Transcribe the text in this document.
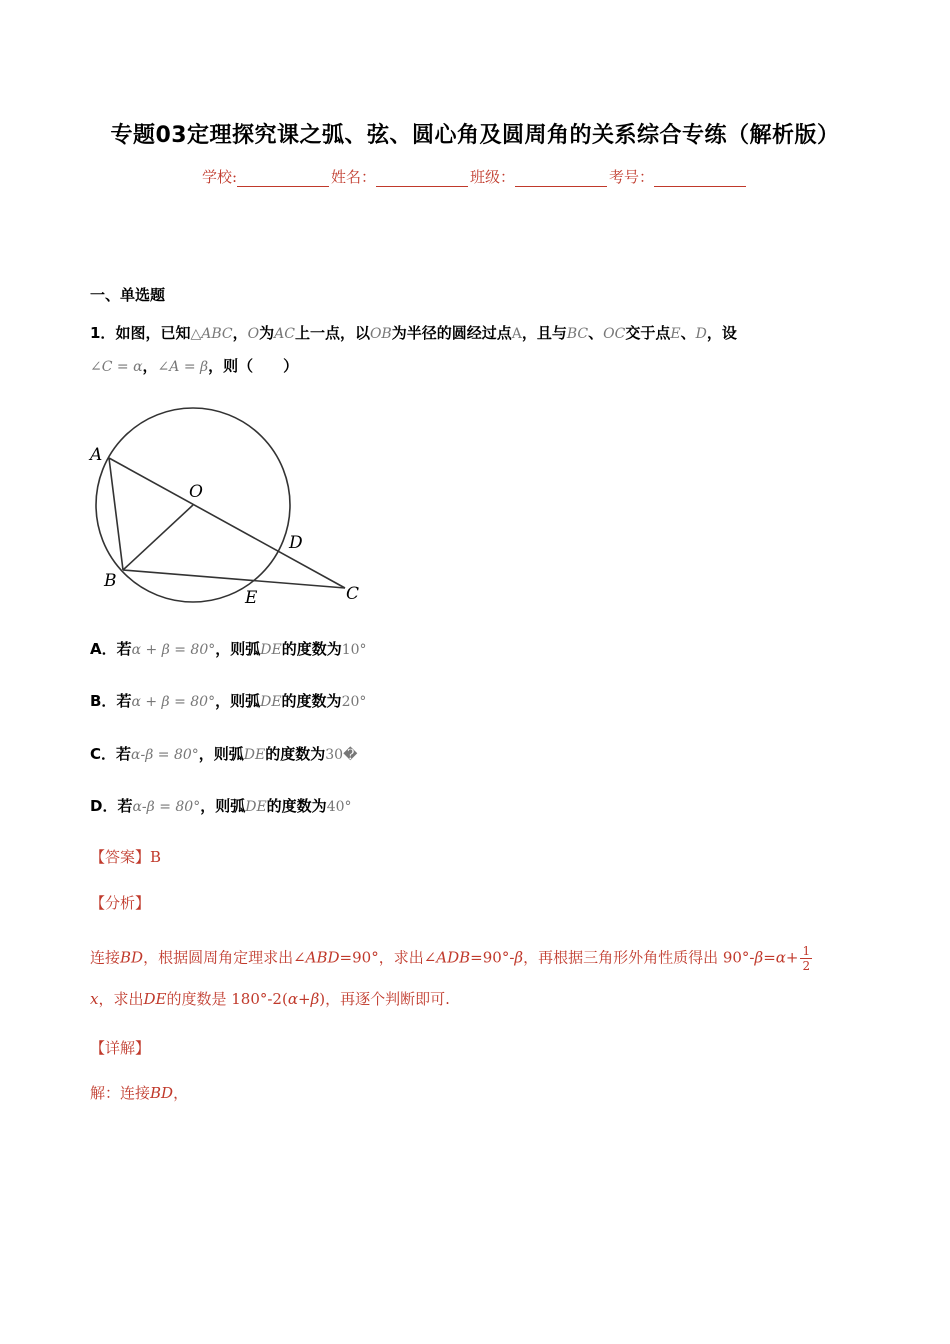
专题03定理探究课之弧、弦、圆心角及圆周角的关系综合专练（解析版）
学校:	姓名：	班级：	考号：
一、单选题
1．如图，已知△ABC，O为AC上一点，以OB为半径的圆经过点A，且与BC、OC交于点E、D，设
∠C = α，∠A = β，则（　　）
A
O
D
B
E	C
A．若α + β = 80°，则弧DE的度数为10°
B．若α + β = 80°，则弧DE的度数为20°
C．若α-β = 80°，则弧DE的度数为30�
D．若α-β = 80°，则弧DE的度数为40°
【答案】B
【分析】
连接BD，根据圆周角定理求出∠ABD=90°，求出∠ADB=90°-β，再根据三角形外角性质得出 $90^\circ-\beta=\alpha+ \frac{1}{2}$
x，求出DE的度数是 180°-2(α+β)，再逐个判断即可.
【详解】
解：连接BD，
